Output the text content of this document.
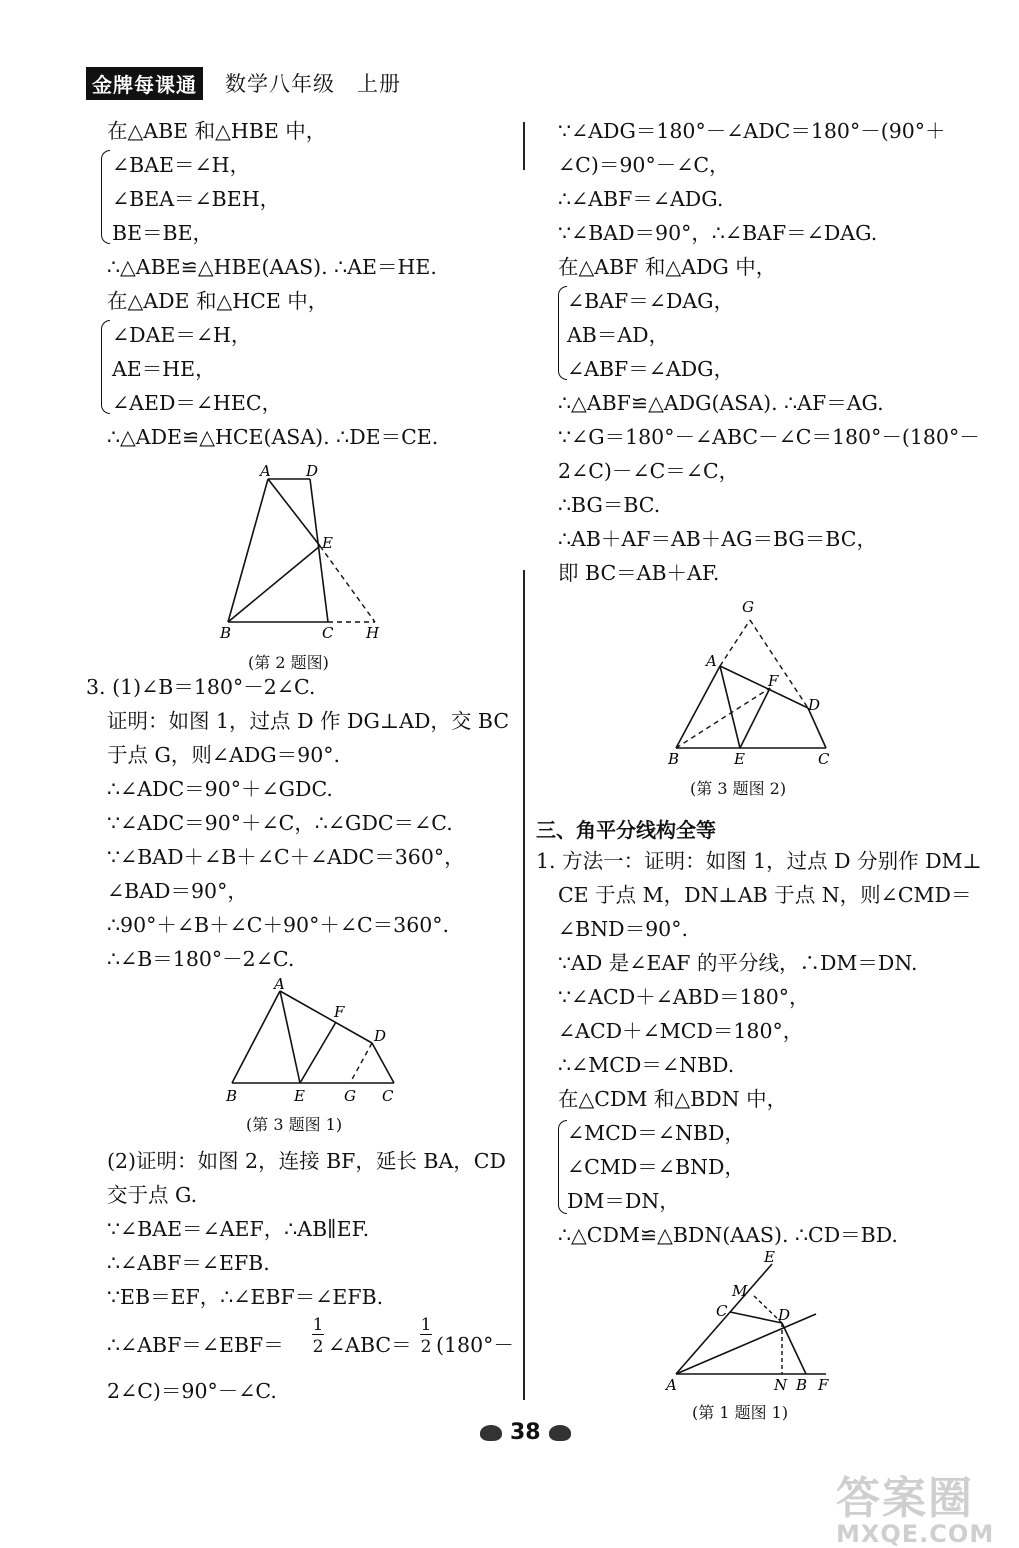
金牌每课通 数学八年级　上册
在△ABE 和△HBE 中，
∠BAE＝∠H，
∠BEA＝∠BEH，
BE＝BE，
∴△ABE≌△HBE(AAS). ∴AE＝HE.
在△ADE 和△HCE 中，
∠DAE＝∠H，
AE＝HE，
∠AED＝∠HEC，
∴△ADE≌△HCE(ASA). ∴DE＝CE.
A D
E
B	C H
(第 2 题图)
3. (1)∠B＝180°－2∠C.
证明：如图 1，过点 D 作 DG⊥AD，交 BC
于点 G，则∠ADG＝90°.
∴∠ADC＝90°＋∠GDC.
∵∠ADC＝90°＋∠C，∴∠GDC＝∠C.
∵∠BAD＋∠B＋∠C＋∠ADC＝360°，
∠BAD＝90°，
∴90°＋∠B＋∠C＋90°＋∠C＝360°.
∴∠B＝180°－2∠C.
A
F
D
B	E	G C
(第 3 题图 1)
(2)证明：如图 2，连接 BF，延长 BA，CD
交于点 G.
∵∠BAE＝∠AEF，∴AB∥EF.
∴∠ABF＝∠EFB.
∵EB＝EF，∴∠EBF＝∠EFB.
∴∠ABF＝∠EBF＝
1
2 ∠ABC＝
1
2 (180°－
2∠C)＝90°－∠C.
∵∠ADG＝180°－∠ADC＝180°－(90°＋
∠C)＝90°－∠C，
∴∠ABF＝∠ADG.
∵∠BAD＝90°，∴∠BAF＝∠DAG.
在△ABF 和△ADG 中，
∠BAF＝∠DAG，
AB＝AD，
∠ABF＝∠ADG，
∴△ABF≌△ADG(ASA). ∴AF＝AG.
∵∠G＝180°－∠ABC－∠C＝180°－(180°－
2∠C)－∠C＝∠C，
∴BG＝BC.
∴AB＋AF＝AB＋AG＝BG＝BC，
即 BC＝AB＋AF.
G
A
F
D
B	E	C
(第 3 题图 2)
三、角平分线构全等
1. 方法一：证明：如图 1，过点 D 分别作 DM⊥
CE 于点 M，DN⊥AB 于点 N，则∠CMD＝
∠BND＝90°.
∵AD 是∠EAF 的平分线，∴DM＝DN.
∵∠ACD＋∠ABD＝180°，
∠ACD＋∠MCD＝180°，
∴∠MCD＝∠NBD.
在△CDM 和△BDN 中，
∠MCD＝∠NBD，
∠CMD＝∠BND，
DM＝DN，
∴△CDM≌△BDN(AAS). ∴CD＝BD.
E
M
C	D
A	N B F
(第 1 题图 1)
38
答案圈
MXQE.COM
